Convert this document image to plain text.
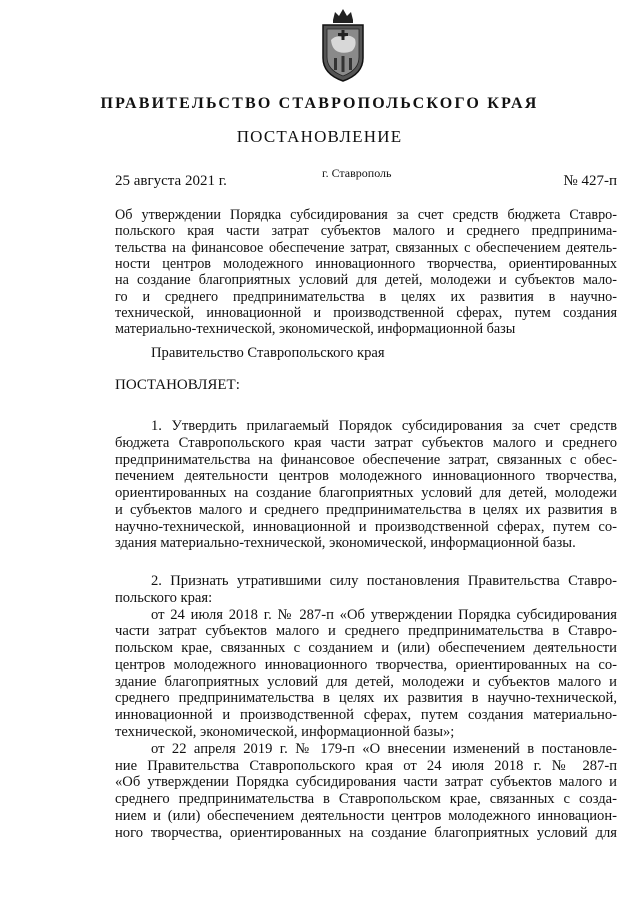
ПРАВИТЕЛЬСТВО СТАВРОПОЛЬСКОГО КРАЯ
ПОСТАНОВЛЕНИЕ
25 августа 2021 г.	г. Ставрополь	№ 427-п
Об утверждении Порядка субсидирования за счет средств бюджета Ставро-
польского края части затрат субъектов малого и среднего предпринима-
тельства на финансовое обеспечение затрат, связанных с обеспечением деятель-
ности центров молодежного инновационного творчества, ориентированных
на создание благоприятных условий для детей, молодежи и субъектов мало-
го и среднего предпринимательства в целях их развития в научно-
технической, инновационной и производственной сферах, путем создания
материально-технической, экономической, информационной базы
Правительство Ставропольского края
ПОСТАНОВЛЯЕТ:
1. Утвердить прилагаемый Порядок субсидирования за счет средств
бюджета Ставропольского края части затрат субъектов малого и среднего
предпринимательства на финансовое обеспечение затрат, связанных с обес-
печением деятельности центров молодежного инновационного творчества,
ориентированных на создание благоприятных условий для детей, молодежи
и субъектов малого и среднего предпринимательства в целях их развития в
научно-технической, инновационной и производственной сферах, путем со-
здания материально-технической, экономической, информационной базы.
2. Признать утратившими силу постановления Правительства Ставро-
польского края:
от 24 июля 2018 г. № 287-п «Об утверждении Порядка субсидирования
части затрат субъектов малого и среднего предпринимательства в Ставро-
польском крае, связанных с созданием и (или) обеспечением деятельности
центров молодежного инновационного творчества, ориентированных на со-
здание благоприятных условий для детей, молодежи и субъектов малого и
среднего предпринимательства в целях их развития в научно-технической,
инновационной и производственной сферах, путем создания материально-
технической, экономической, информационной базы»;
от 22 апреля 2019 г. № 179-п «О внесении изменений в постановле-
ние Правительства Ставропольского края от 24 июля 2018 г. № 287-п
«Об утверждении Порядка субсидирования части затрат субъектов малого и
среднего предпринимательства в Ставропольском крае, связанных с созда-
нием и (или) обеспечением деятельности центров молодежного инновацион-
ного творчества, ориентированных на создание благоприятных условий для
